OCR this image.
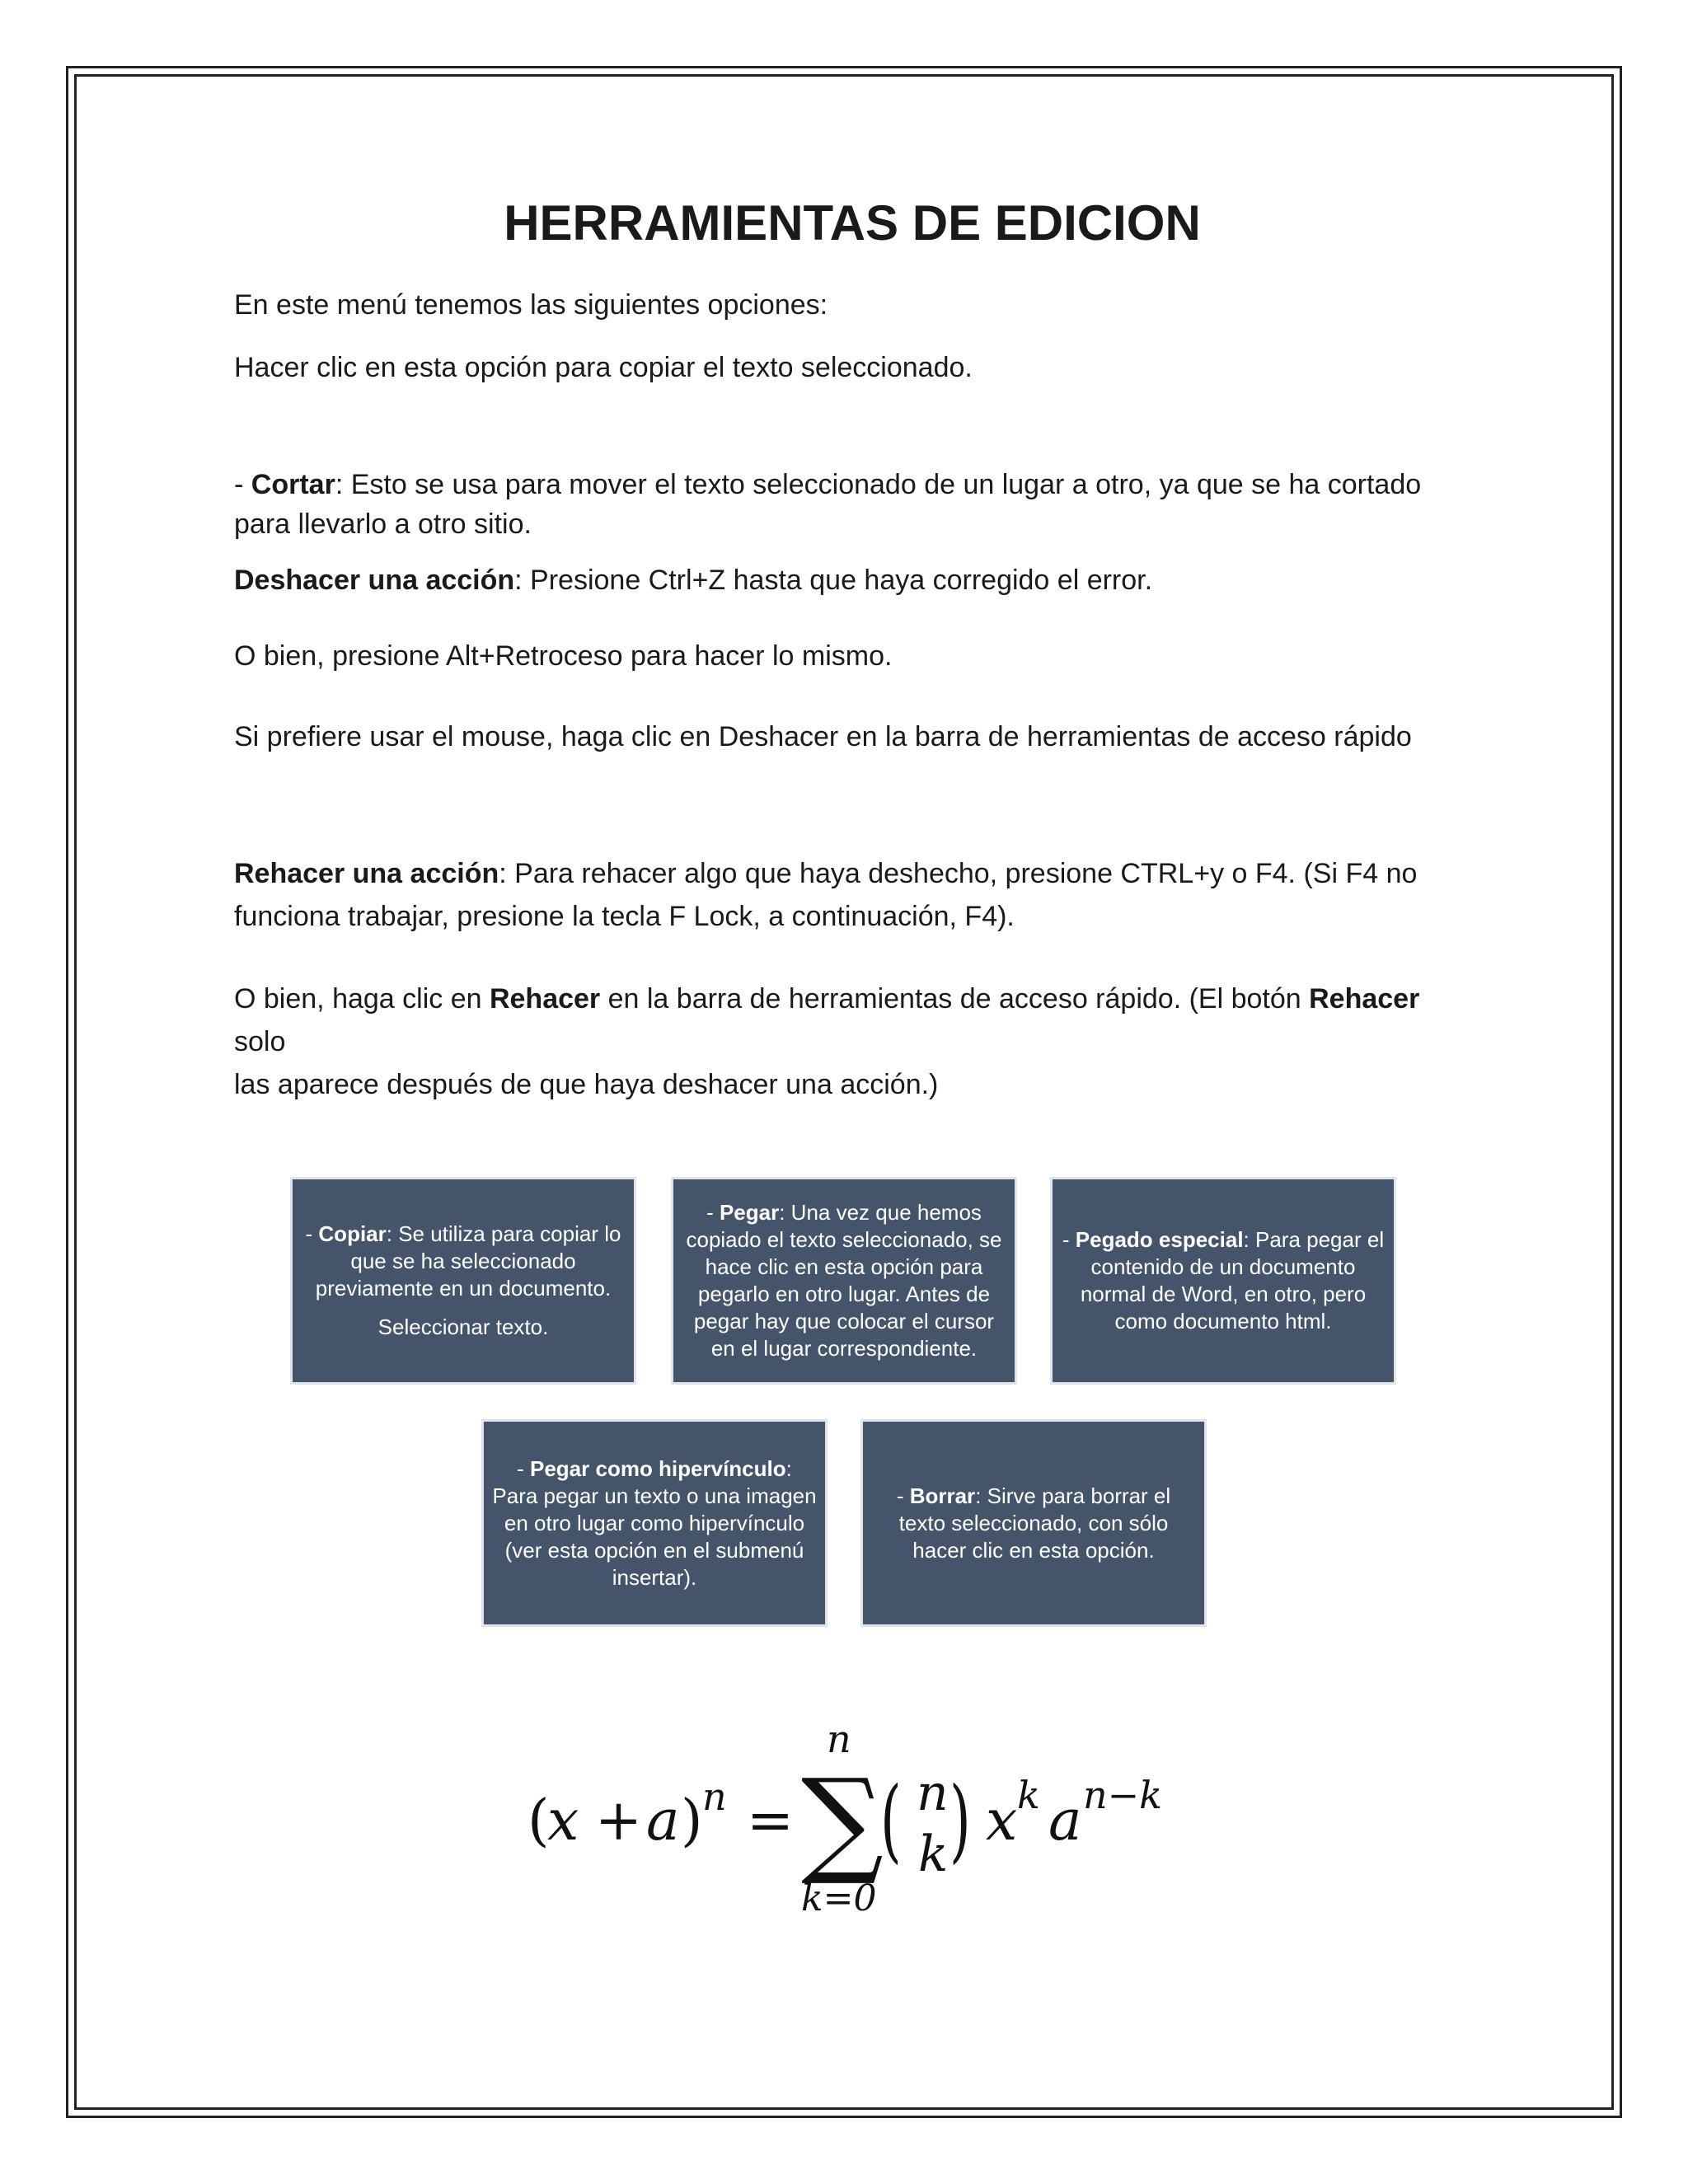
HERRAMIENTAS DE EDICION

En este menú tenemos las siguientes opciones:

Hacer clic en esta opción para copiar el texto seleccionado.

- Cortar: Esto se usa para mover el texto seleccionado de un lugar a otro, ya que se ha cortado
para llevarlo a otro sitio.

Deshacer una acción: Presione Ctrl+Z hasta que haya corregido el error.

O bien, presione Alt+Retroceso para hacer lo mismo.

Si prefiere usar el mouse, haga clic en Deshacer en la barra de herramientas de acceso rápido

Rehacer una acción: Para rehacer algo que haya deshecho, presione CTRL+y o F4. (Si F4 no
funciona trabajar, presione la tecla F Lock, a continuación, F4).

O bien, haga clic en Rehacer en la barra de herramientas de acceso rápido. (El botón Rehacer solo
las aparece después de que haya deshacer una acción.)

- Copiar: Se utiliza para copiar lo que se ha seleccionado previamente en un documento.

Seleccionar texto.

- Pegar: Una vez que hemos copiado el texto seleccionado, se hace clic en esta opción para pegarlo en otro lugar. Antes de pegar hay que colocar el cursor en el lugar correspondiente.

- Pegado especial: Para pegar el contenido de un documento normal de Word, en otro, pero como documento html.

- Pegar como hipervínculo: Para pegar un texto o una imagen en otro lugar como hipervínculo (ver esta opción en el submenú insertar).

- Borrar: Sirve para borrar el texto seleccionado, con sólo hacer clic en esta opción.

(
x + a ) n =
n
∑
k=0
( n
k ) x k a n−k
